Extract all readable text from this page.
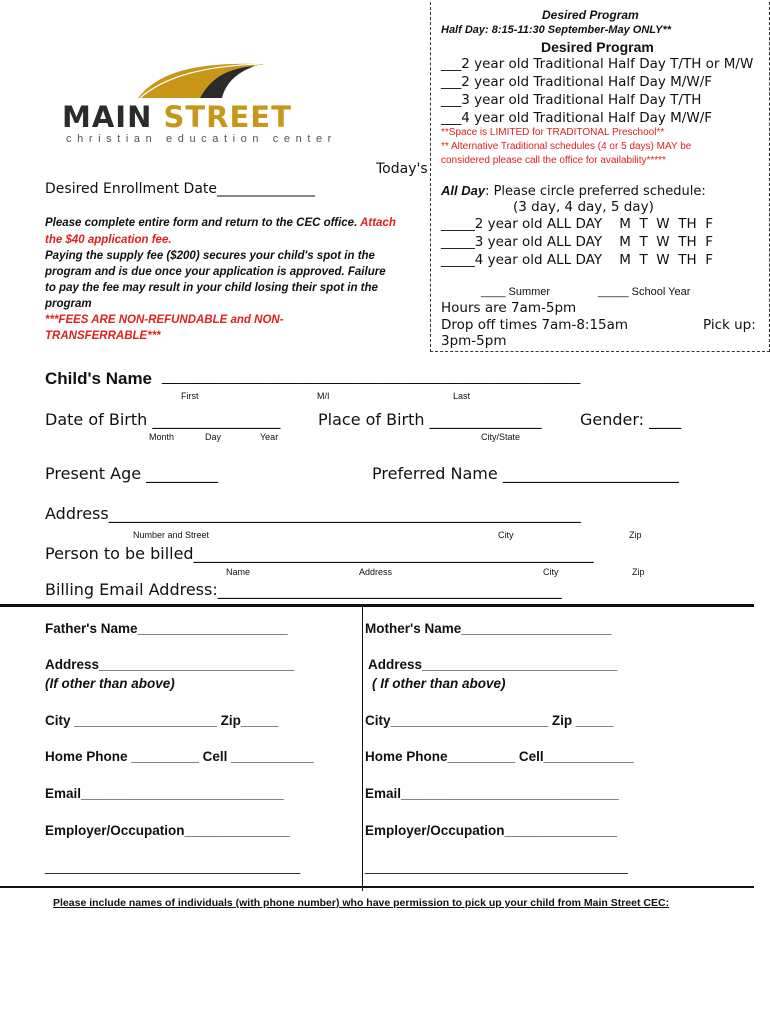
MAIN STREET
christian education center
Today's
Desired Enrollment Date______________
Please complete entire form and return to the CEC office. Attach
the $40 application fee.
Paying the supply fee ($200) secures your child's spot in the
program and is due once your application is approved. Failure
to pay the fee may result in your child losing their spot in the
program
***FEES ARE NON-REFUNDABLE and NON-
TRANSFERRABLE***
Desired Program
Half Day: 8:15-11:30 September-May ONLY**
Desired Program
___2 year old Traditional Half Day T/TH or M/W
___2 year old Traditional Half Day M/W/F
___3 year old Traditional Half Day T/TH
___4 year old Traditional Half Day M/W/F
**Space is LIMITED for TRADITONAL Preschool**
** Alternative Traditional schedules (4 or 5 days) MAY be
considered please call the office for availability*****
All Day: Please circle preferred schedule:
(3 day, 4 day, 5 day)
_____2 year old ALL DAY    M  T  W  TH  F
_____3 year old ALL DAY    M  T  W  TH  F
_____4 year old ALL DAY    M  T  W  TH  F
____ Summer	_____ School Year
Hours are 7am-5pm
Drop off times 7am-8:15am	Pick up:
3pm-5pm
Child's Name _______________________________________________
First	M/I	Last
Date of Birth ________________ Place of Birth ______________ Gender: ____
Month	Day	Year	City/State
Present Age _________	Preferred Name ______________________
Address___________________________________________________________
Number and Street	City	Zip
Person to be billed__________________________________________________
Name	Address	City	Zip
Billing Email Address:___________________________________________
Father's Name____________________
Address__________________________
(If other than above)
City ___________________ Zip_____
Home Phone _________ Cell ___________
Email___________________________
Employer/Occupation______________
__________________________________
Mother's Name____________________
Address__________________________
( If other than above)
City_____________________ Zip _____
Home Phone_________ Cell____________
Email_____________________________
Employer/Occupation_______________
___________________________________
Please include names of individuals (with phone number) who have permission to pick up your child from Main Street CEC:
